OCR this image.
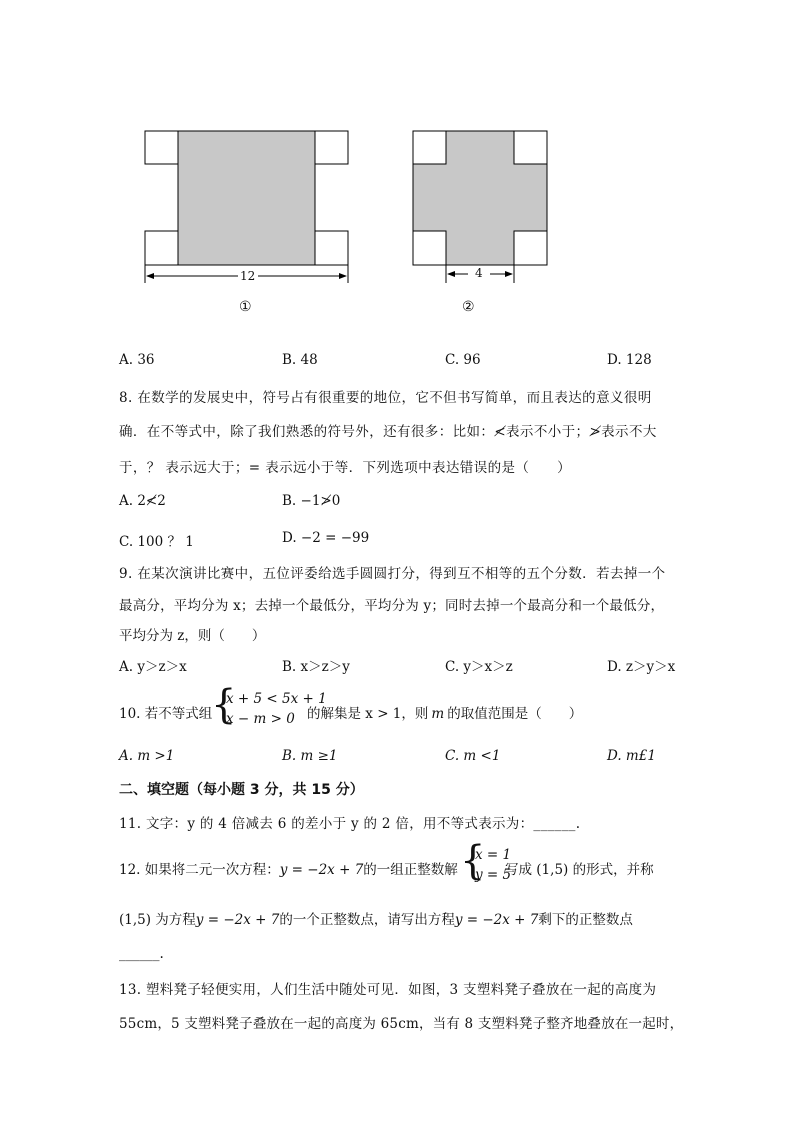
12	4
①	②
A. 36	B. 48	C. 96	D. 128
8. 在数学的发展史中，符号占有很重要的地位，它不但书写简单，而且表达的意义很明
确．在不等式中，除了我们熟悉的符号外，还有很多：比如：≮表示不小于；≯表示不大
于，？ 表示远大于；= 表示远小于等．下列选项中表达错误的是（　　）
A. 2≮2	B. −1≯0
C. 100 ？ 1	D. −2 = −99
9. 在某次演讲比赛中，五位评委给选手圆圆打分，得到互不相等的五个分数．若去掉一个
最高分，平均分为 x；去掉一个最低分，平均分为 y；同时去掉一个最高分和一个最低分，
平均分为 z，则（　　）
A. y＞z＞x	B. x＞z＞y	C. y＞x＞z	D. z＞y＞x
10. 若不等式组
{
x + 5 < 5x + 1
x − m > 0 的解集是 x > 1，则 m 的取值范围是（　　）
A. m >1	B. m ≥1	C. m <1	D. m£1
二、填空题（每小题 3 分，共 15 分）
11. 文字：y 的 4 倍减去 6 的差小于 y 的 2 倍，用不等式表示为：______.
12. 如果将二元一次方程：y = −2x + 7的一组正整数解 {
x = 1
y = 5
写成 (1,5) 的形式，并称
(1,5) 为方程y = −2x + 7的一个正整数点，请写出方程y = −2x + 7剩下的正整数点
______.
13. 塑料凳子轻便实用，人们生活中随处可见．如图，3 支塑料凳子叠放在一起的高度为
55cm，5 支塑料凳子叠放在一起的高度为 65cm，当有 8 支塑料凳子整齐地叠放在一起时，
